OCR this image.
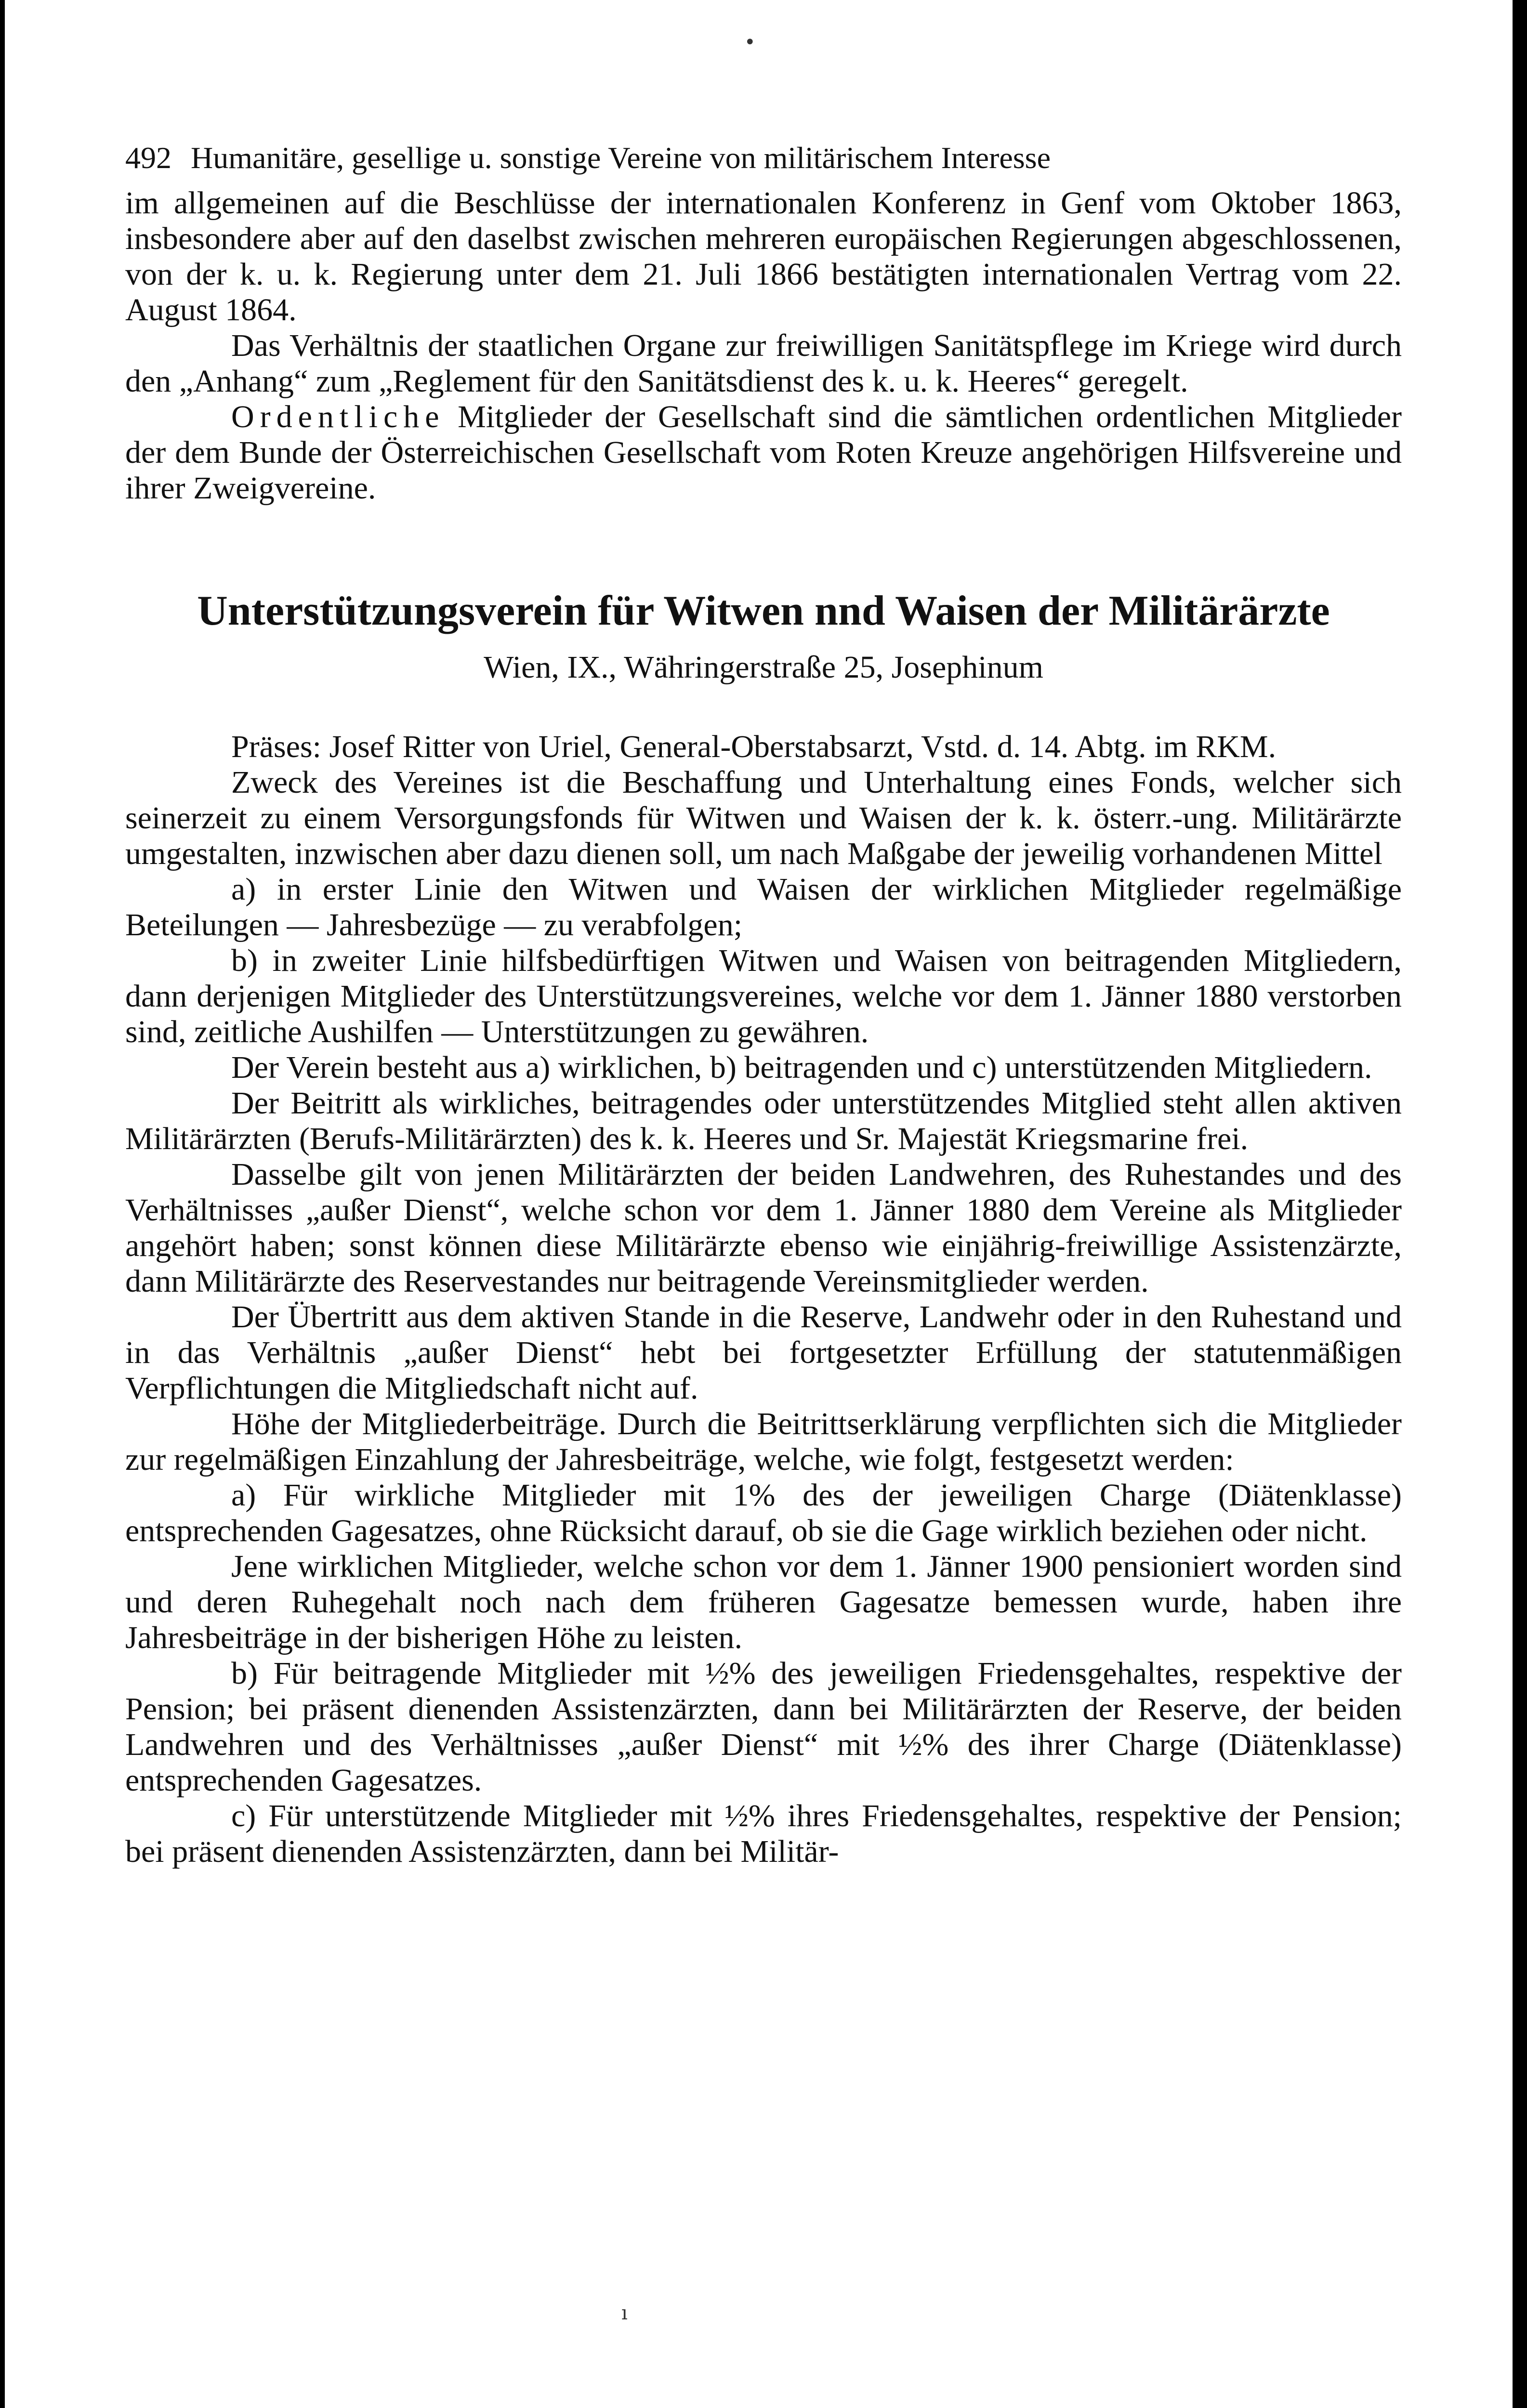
492 Humanitäre, gesellige u. sonstige Vereine von militärischem Interesse

im allgemeinen auf die Beschlüsse der internationalen Konferenz in Genf vom Oktober 1863, insbesondere aber auf den daselbst zwischen mehreren europäischen Regierungen abgeschlossenen, von der k. u. k. Regierung unter dem 21. Juli 1866 bestätigten internationalen Vertrag vom 22. August 1864.

Das Verhältnis der staatlichen Organe zur freiwilligen Sanitätspflege im Kriege wird durch den „Anhang“ zum „Reglement für den Sanitätsdienst des k. u. k. Heeres“ geregelt.

Ordentliche Mitglieder der Gesellschaft sind die sämtlichen ordentlichen Mitglieder der dem Bunde der Österreichischen Gesellschaft vom Roten Kreuze angehörigen Hilfsvereine und ihrer Zweigvereine.

Unterstützungsverein für Witwen nnd Waisen der Militärärzte
Wien, IX., Währingerstraße 25, Josephinum

Präses: Josef Ritter von Uriel, General-Oberstabsarzt, Vstd. d. 14. Abtg. im RKM.

Zweck des Vereines ist die Beschaffung und Unterhaltung eines Fonds, welcher sich seinerzeit zu einem Versorgungsfonds für Witwen und Waisen der k. k. österr.-ung. Militärärzte umgestalten, inzwischen aber dazu dienen soll, um nach Maßgabe der jeweilig vorhandenen Mittel

a) in erster Linie den Witwen und Waisen der wirklichen Mitglieder regelmäßige Beteilungen — Jahresbezüge — zu verabfolgen;

b) in zweiter Linie hilfsbedürftigen Witwen und Waisen von beitragenden Mitgliedern, dann derjenigen Mitglieder des Unterstützungsvereines, welche vor dem 1. Jänner 1880 verstorben sind, zeitliche Aushilfen — Unterstützungen zu gewähren.

Der Verein besteht aus a) wirklichen, b) beitragenden und c) unterstützenden Mitgliedern.

Der Beitritt als wirkliches, beitragendes oder unterstützendes Mitglied steht allen aktiven Militärärzten (Berufs-Militärärzten) des k. k. Heeres und Sr. Majestät Kriegsmarine frei.

Dasselbe gilt von jenen Militärärzten der beiden Landwehren, des Ruhestandes und des Verhältnisses „außer Dienst“, welche schon vor dem 1. Jänner 1880 dem Vereine als Mitglieder angehört haben; sonst können diese Militärärzte ebenso wie einjährig-freiwillige Assistenzärzte, dann Militärärzte des Reservestandes nur beitragende Vereinsmitglieder werden.

Der Übertritt aus dem aktiven Stande in die Reserve, Landwehr oder in den Ruhestand und in das Verhältnis „außer Dienst“ hebt bei fortgesetzter Erfüllung der statutenmäßigen Verpflichtungen die Mitgliedschaft nicht auf.

Höhe der Mitgliederbeiträge. Durch die Beitrittserklärung verpflichten sich die Mitglieder zur regelmäßigen Einzahlung der Jahresbeiträge, welche, wie folgt, festgesetzt werden:

a) Für wirkliche Mitglieder mit 1% des der jeweiligen Charge (Diätenklasse) entsprechenden Gagesatzes, ohne Rücksicht darauf, ob sie die Gage wirklich beziehen oder nicht.

Jene wirklichen Mitglieder, welche schon vor dem 1. Jänner 1900 pensioniert worden sind und deren Ruhegehalt noch nach dem früheren Gagesatze bemessen wurde, haben ihre Jahresbeiträge in der bisherigen Höhe zu leisten.

b) Für beitragende Mitglieder mit ½% des jeweiligen Friedensgehaltes, respektive der Pension; bei präsent dienenden Assistenzärzten, dann bei Militärärzten der Reserve, der beiden Landwehren und des Verhältnisses „außer Dienst“ mit ½% des ihrer Charge (Diätenklasse) entsprechenden Gagesatzes.

c) Für unterstützende Mitglieder mit ½% ihres Friedensgehaltes, respektive der Pension; bei präsent dienenden Assistenzärzten, dann bei Militär-

•
ı
